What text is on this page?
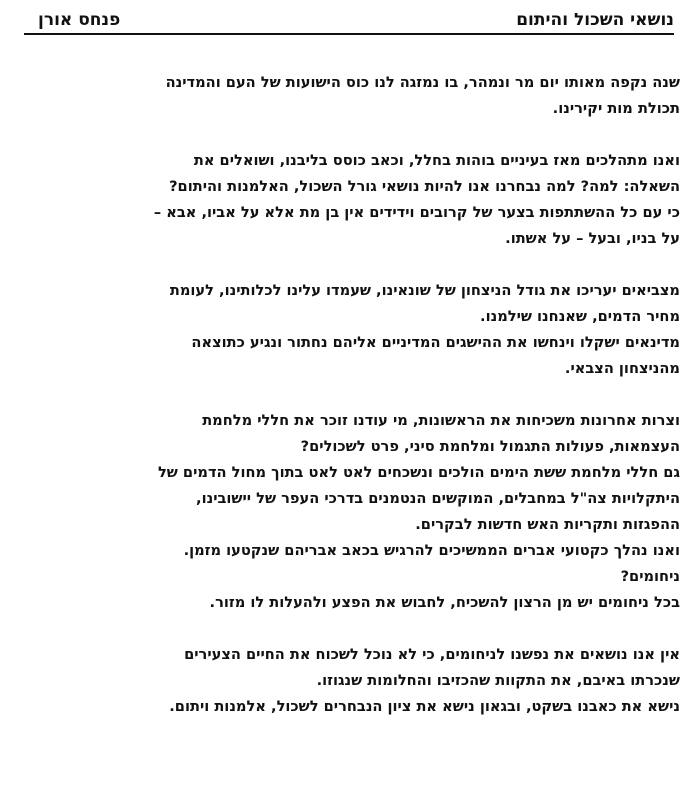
נושאי השכול והיתום
פנחס אורן
שנה נקפה מאותו יום מר ונמהר, בו נמזגה לנו כוס הישועות של העם והמדינה
תכולת מות יקירינו.
ואנו מתהלכים מאז בעיניים בוהות בחלל, וכאב כוסס בליבנו, ושואלים את
השאלה: למה? למה נבחרנו אנו להיות נושאי גורל השכול, האלמנות והיתום?
כי עם כל ההשתתפות בצער של קרובים וידידים אין בן מת אלא על אביו, אבא –
על בניו, ובעל – על אשתו.
מצביאים יעריכו את גודל הניצחון של שונאינו, שעמדו עלינו לכלותינו, לעומת
מחיר הדמים, שאנחנו שילמנו.
מדינאים ישקלו וינחשו את ההישגים המדיניים אליהם נחתור ונגיע כתוצאה
מהניצחון הצבאי.
וצרות אחרונות משכיחות את הראשונות, מי עודנו זוכר את חללי מלחמת
העצמאות, פעולות התגמול ומלחמת סיני, פרט לשכולים?
גם חללי מלחמת ששת הימים הולכים ונשכחים לאט לאט בתוך מחול הדמים של
היתקלויות צה"ל במחבלים, המוקשים הנטמנים בדרכי העפר של יישובינו,
ההפגזות ותקריות האש חדשות לבקרים.
ואנו נהלך כקטועי אברים הממשיכים להרגיש בכאב אבריהם שנקטעו מזמן.
ניחומים?
בכל ניחומים יש מן הרצון להשכיח, לחבוש את הפצע ולהעלות לו מזור.
אין אנו נושאים את נפשנו לניחומים, כי לא נוכל לשכוח את החיים הצעירים
שנכרתו באיבם, את התקוות שהכזיבו והחלומות שנגוזו.
נישא את כאבנו בשקט, ובגאון נישא את ציון הנבחרים לשכול, אלמנות ויתום.
